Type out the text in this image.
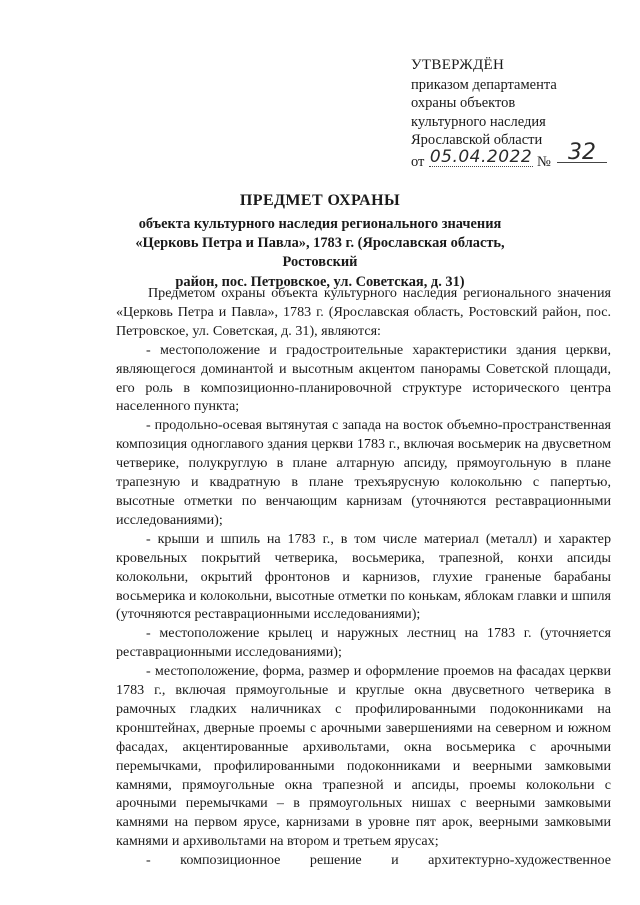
УТВЕРЖДЁН
приказом департамента
охраны объектов
культурного наследия
Ярославской области
от 05.04.2022 № 32
ПРЕДМЕТ ОХРАНЫ
объекта культурного наследия регионального значения
«Церковь Петра и Павла», 1783 г. (Ярославская область, Ростовский
район, пос. Петровское, ул. Советская, д. 31)

Предметом охраны объекта культурного наследия регионального значения «Церковь Петра и Павла», 1783 г. (Ярославская область, Ростовский район, пос. Петровское, ул. Советская, д. 31), являются:

- местоположение и градостроительные характеристики здания церкви, являющегося доминантой и высотным акцентом панорамы Советской площади, его роль в композиционно-планировочной структуре исторического центра населенного пункта;

- продольно-осевая вытянутая с запада на восток объемно-пространственная композиция одноглавого здания церкви 1783 г., включая восьмерик на двусветном четверике, полукруглую в плане алтарную апсиду, прямоугольную в плане трапезную и квадратную в плане трехъярусную колокольню с папертью, высотные отметки по венчающим карнизам (уточняются реставрационными исследованиями);

- крыши и шпиль на 1783 г., в том числе материал (металл) и характер кровельных покрытий четверика, восьмерика, трапезной, конхи апсиды колокольни, окрытий фронтонов и карнизов, глухие граненые барабаны восьмерика и колокольни, высотные отметки по конькам, яблокам главки и шпиля (уточняются реставрационными исследованиями);

- местоположение крылец и наружных лестниц на 1783 г. (уточняется реставрационными исследованиями);

- местоположение, форма, размер и оформление проемов на фасадах церкви 1783 г., включая прямоугольные и круглые окна двусветного четверика в рамочных гладких наличниках с профилированными подоконниками на кронштейнах, дверные проемы с арочными завершениями на северном и южном фасадах, акцентированные архивольтами, окна восьмерика с арочными перемычками, профилированными подоконниками и веерными замковыми камнями, прямоугольные окна трапезной и апсиды, проемы колокольни с арочными перемычками – в прямоугольных нишах с веерными замковыми камнями на первом ярусе, карнизами в уровне пят арок, веерными замковыми камнями и архивольтами на втором и третьем ярусах;

- композиционное решение и архитектурно-художественное
